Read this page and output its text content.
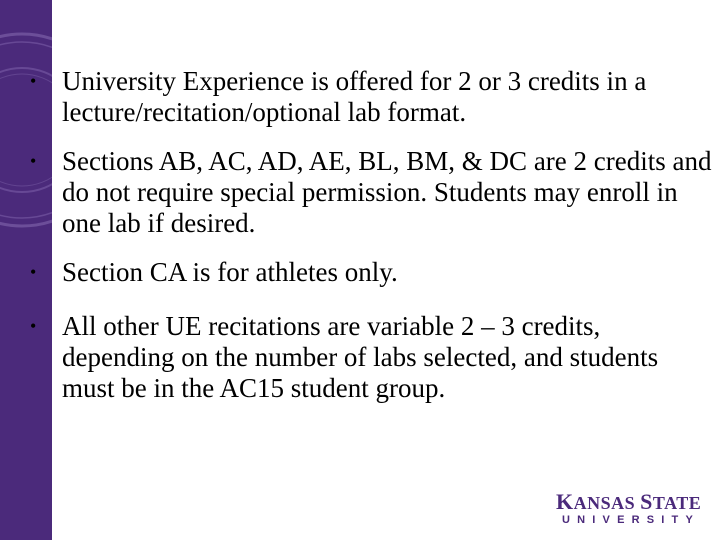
1863
• University Experience is offered for 2 or 3 credits in a lecture/recitation/optional lab format.
• Sections AB, AC, AD, AE, BL, BM, & DC are 2 credits and do not require special permission. Students may enroll in one lab if desired.
• Section CA is for athletes only.
• All other UE recitations are variable 2 – 3 credits, depending on the number of labs selected, and students must be in the AC15 student group.
KANSAS STATE
UNIVERSITY
